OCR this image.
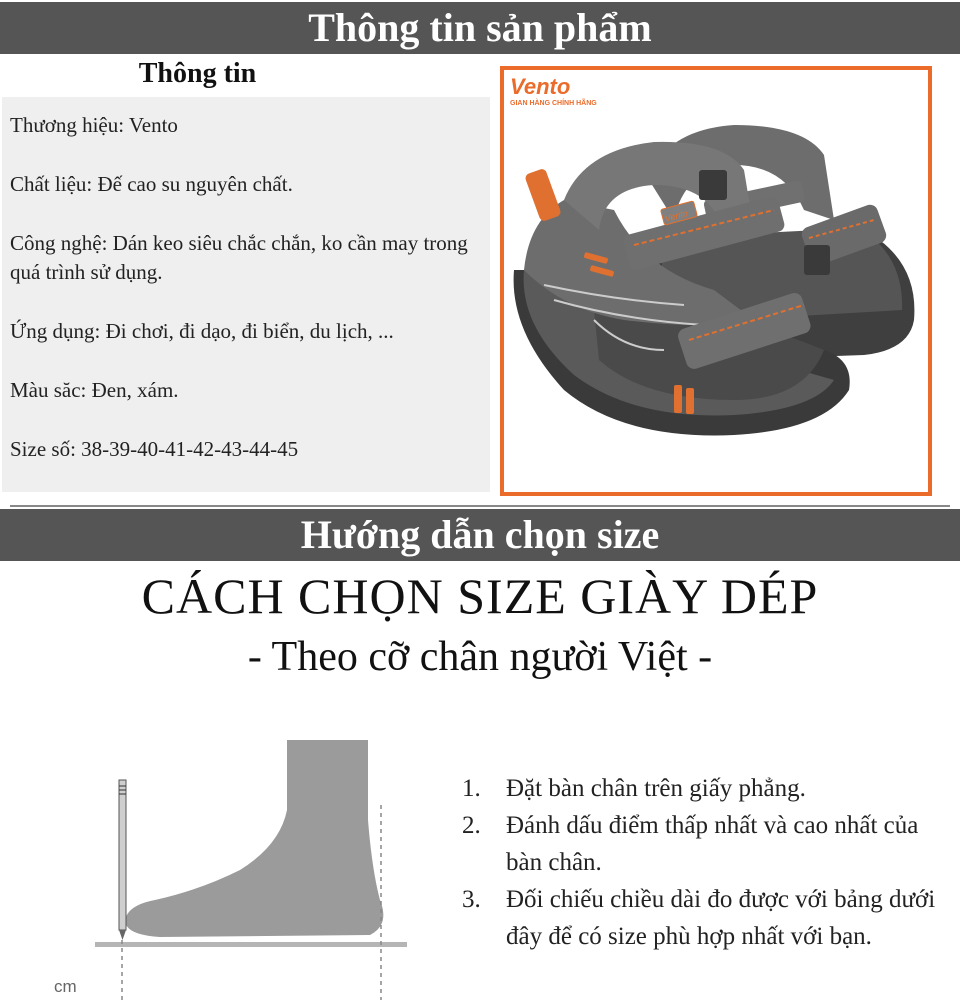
Thông tin sản phẩm
Thông tin

Thương hiệu: Vento

Chất liệu: Đế cao su nguyên chất.

Công nghệ: Dán keo siêu chắc chắn, ko cần may trong quá trình sử dụng.

Ứng dụng: Đi chơi, đi dạo, đi biển, du lịch, ...

Màu săc: Đen, xám.

Size số: 38-39-40-41-42-43-44-45

Vento
GIAN HÀNG CHÍNH HÃNG
Vento
Hướng dẫn chọn size
CÁCH CHỌN SIZE GIÀY DÉP
- Theo cỡ chân người Việt -
cm
1.	Đặt bàn chân trên giấy phẳng.
2.	Đánh dấu điểm thấp nhất và cao nhất của bàn chân.
3.	Đối chiếu chiều dài đo được với bảng dưới đây để có size phù hợp nhất với bạn.
